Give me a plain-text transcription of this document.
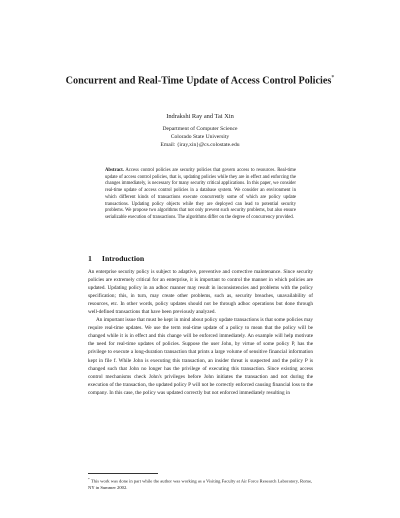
Concurrent and Real-Time Update of Access Control Policies*
Indrakshi Ray and Tai Xin
Department of Computer Science
Colorado State University
Email: {iray,xin}@cs.colostate.edu
Abstract. Access control policies are security policies that govern access to resources. Real-time update of access control policies, that is, updating policies while they are in effect and enforcing the changes immediately, is necessary for many security critical applications. In this paper, we consider real-time update of access control policies in a database system. We consider an environment in which different kinds of transactions execute concurrently some of which are policy update transactions. Updating policy objects while they are deployed can lead to potential security problems. We propose two algorithms that not only prevent such security problems, but also ensure serializable execution of transactions. The algorithms differ on the degree of concurrency provided.
1 Introduction

An enterprise security policy is subject to adaptive, preventive and corrective maintenance. Since security policies are extremely critical for an enterprise, it is important to control the manner in which policies are updated. Updating policy in an adhoc manner may result in inconsistencies and problems with the policy specification; this, in turn, may create other problems, such as, security breaches, unavailability of resources, etc. In other words, policy updates should not be through adhoc operations but done through well-defined transactions that have been previously analyzed.

An important issue that must be kept in mind about policy update transactions is that some policies may require real-time updates. We use the term real-time update of a policy to mean that the policy will be changed while it is in effect and this change will be enforced immediately. An example will help motivate the need for real-time updates of policies. Suppose the user John, by virtue of some policy P, has the privilege to execute a long-duration transaction that prints a large volume of sensitive financial information kept in file f. While John is executing this transaction, an insider threat is suspected and the policy P is changed such that John no longer has the privilege of executing this transaction. Since existing access control mechanisms check John's privileges before John initiates the transaction and not during the execution of the transaction, the updated policy P will not be correctly enforced causing financial loss to the company. In this case, the policy was updated correctly but not enforced immediately resulting in

* This work was done in part while the author was working as a Visiting Faculty at Air Force Research Laboratory, Rome, NY in Summer 2002.
